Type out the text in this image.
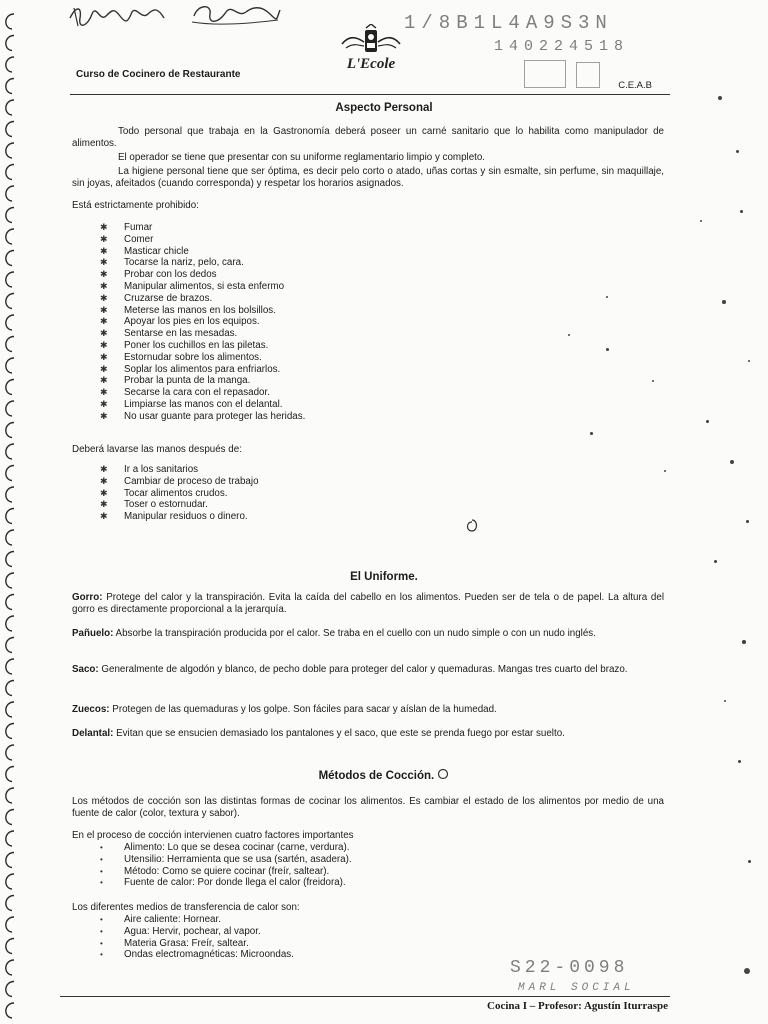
L'Ecole
1/8B1L4A9S3N
140224518
Curso de Cocinero de Restaurante
C.E.A.B
Aspecto Personal
Todo personal que trabaja en la Gastronomía deberá poseer un carné sanitario que lo habilita como manipulador de alimentos.
El operador se tiene que presentar con su uniforme reglamentario limpio y completo.
La higiene personal tiene que ser óptima, es decir pelo corto o atado, uñas cortas y sin esmalte, sin perfume, sin maquillaje, sin joyas, afeitados (cuando corresponda) y respetar los horarios asignados.
Está estrictamente prohibido:
✱ Fumar
✱ Comer
✱ Masticar chicle
✱ Tocarse la nariz, pelo, cara.
✱ Probar con los dedos
✱ Manipular alimentos, si esta enfermo
✱ Cruzarse de brazos.
✱ Meterse las manos en los bolsillos.
✱ Apoyar los pies en los equipos.
✱ Sentarse en las mesadas.
✱ Poner los cuchillos en las piletas.
✱ Estornudar sobre los alimentos.
✱ Soplar los alimentos para enfriarlos.
✱ Probar la punta de la manga.
✱ Secarse la cara con el repasador.
✱ Limpiarse las manos con el delantal.
✱ No usar guante para proteger las heridas.
Deberá lavarse las manos después de:
✱ Ir a los sanitarios
✱ Cambiar de proceso de trabajo
✱ Tocar alimentos crudos.
✱ Toser o estornudar.
✱ Manipular residuos o dinero.
El Uniforme.
Gorro: Protege del calor y la transpiración. Evita la caída del cabello en los alimentos. Pueden ser de tela o de papel. La altura del gorro es directamente proporcional a la jerarquía.
Pañuelo: Absorbe la transpiración producida por el calor. Se traba en el cuello con un nudo simple o con un nudo inglés.
Saco: Generalmente de algodón y blanco, de pecho doble para proteger del calor y quemaduras. Mangas tres cuarto del brazo.
Zuecos: Protegen de las quemaduras y los golpe. Son fáciles para sacar y aíslan de la humedad.
Delantal: Evitan que se ensucien demasiado los pantalones y el saco, que este se prenda fuego por estar suelto.
Métodos de Cocción.
Los métodos de cocción son las distintas formas de cocinar los alimentos. Es cambiar el estado de los alimentos por medio de una fuente de calor (color, textura y sabor).
En el proceso de cocción intervienen cuatro factores importantes
• Alimento: Lo que se desea cocinar (carne, verdura).
• Utensilio: Herramienta que se usa (sartén, asadera).
• Método: Como se quiere cocinar (freír, saltear).
• Fuente de calor: Por donde llega el calor (freidora).
Los diferentes medios de transferencia de calor son:
• Aire caliente: Hornear.
• Agua: Hervir, pochear, al vapor.
• Materia Grasa: Freír, saltear.
• Ondas electromagnéticas: Microondas.
S22-0098
MARL SOCIAL
Cocina I – Profesor: Agustín Iturraspe
